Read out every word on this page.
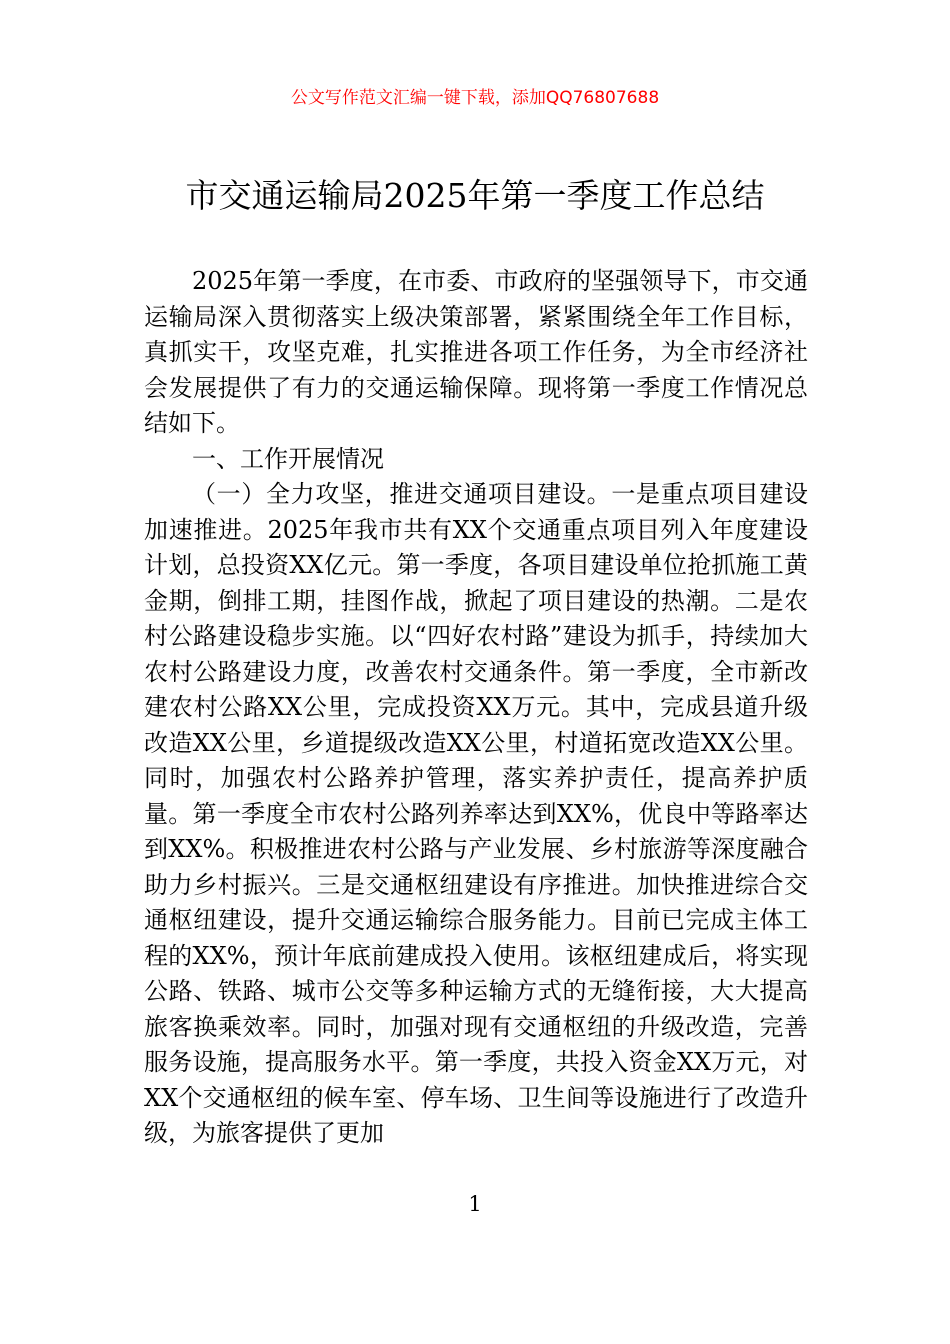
公文写作范文汇编一键下载，添加QQ76807688
市交通运输局2025年第一季度工作总结

2025年第一季度，在市委、市政府的坚强领导下，市交通运输局深入贯彻落实上级决策部署，紧紧围绕全年工作目标，真抓实干，攻坚克难，扎实推进各项工作任务，为全市经济社会发展提供了有力的交通运输保障。现将第一季度工作情况总结如下。

一、工作开展情况

（一）全力攻坚，推进交通项目建设。一是重点项目建设加速推进。2025年我市共有XX个交通重点项目列入年度建设计划，总投资XX亿元。第一季度，各项目建设单位抢抓施工黄金期，倒排工期，挂图作战，掀起了项目建设的热潮。二是农村公路建设稳步实施。以“四好农村路”建设为抓手，持续加大农村公路建设力度，改善农村交通条件。第一季度，全市新改建农村公路XX公里，完成投资XX万元。其中，完成县道升级改造XX公里，乡道提级改造XX公里，村道拓宽改造XX公里。同时，加强农村公路养护管理，落实养护责任，提高养护质量。第一季度全市农村公路列养率达到XX%，优良中等路率达到XX%。积极推进农村公路与产业发展、乡村旅游等深度融合助力乡村振兴。三是交通枢纽建设有序推进。加快推进综合交通枢纽建设，提升交通运输综合服务能力。目前已完成主体工程的XX%，预计年底前建成投入使用。该枢纽建成后，将实现公路、铁路、城市公交等多种运输方式的无缝衔接，大大提高旅客换乘效率。同时，加强对现有交通枢纽的升级改造，完善服务设施，提高服务水平。第一季度，共投入资金XX万元，对XX个交通枢纽的候车室、停车场、卫生间等设施进行了改造升级，为旅客提供了更加

1
